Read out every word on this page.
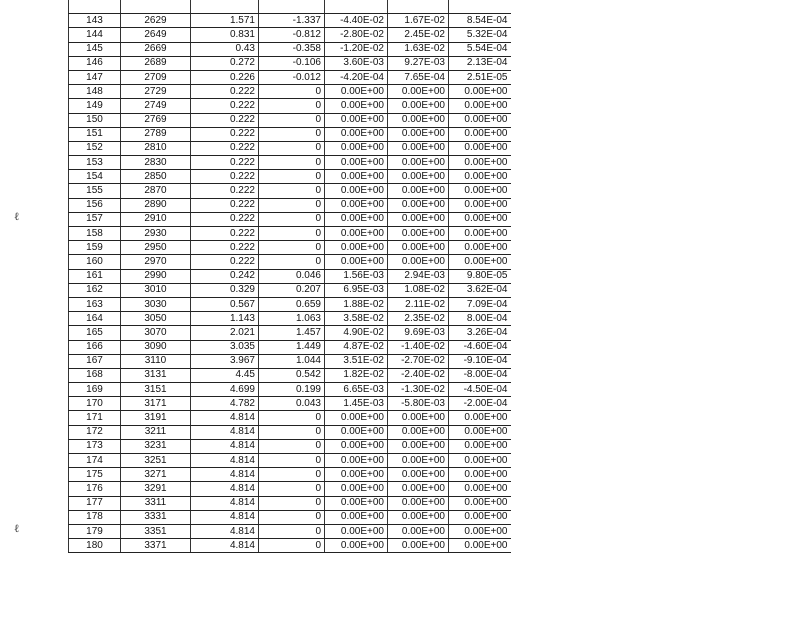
143	2629	1.571	-1.337	-4.40E-02	1.67E-02	8.54E-04
144	2649	0.831	-0.812	-2.80E-02	2.45E-02	5.32E-04
145	2669	0.43	-0.358	-1.20E-02	1.63E-02	5.54E-04
146	2689	0.272	-0.106	3.60E-03	9.27E-03	2.13E-04
147	2709	0.226	-0.012	-4.20E-04	7.65E-04	2.51E-05
148	2729	0.222	0	0.00E+00	0.00E+00	0.00E+00
149	2749	0.222	0	0.00E+00	0.00E+00	0.00E+00
150	2769	0.222	0	0.00E+00	0.00E+00	0.00E+00
151	2789	0.222	0	0.00E+00	0.00E+00	0.00E+00
152	2810	0.222	0	0.00E+00	0.00E+00	0.00E+00
153	2830	0.222	0	0.00E+00	0.00E+00	0.00E+00
154	2850	0.222	0	0.00E+00	0.00E+00	0.00E+00
155	2870	0.222	0	0.00E+00	0.00E+00	0.00E+00
156	2890	0.222	0	0.00E+00	0.00E+00	0.00E+00
157	2910	0.222	0	0.00E+00	0.00E+00	0.00E+00
158	2930	0.222	0	0.00E+00	0.00E+00	0.00E+00
159	2950	0.222	0	0.00E+00	0.00E+00	0.00E+00
160	2970	0.222	0	0.00E+00	0.00E+00	0.00E+00
161	2990	0.242	0.046	1.56E-03	2.94E-03	9.80E-05
162	3010	0.329	0.207	6.95E-03	1.08E-02	3.62E-04
163	3030	0.567	0.659	1.88E-02	2.11E-02	7.09E-04
164	3050	1.143	1.063	3.58E-02	2.35E-02	8.00E-04
165	3070	2.021	1.457	4.90E-02	9.69E-03	3.26E-04
166	3090	3.035	1.449	4.87E-02	-1.40E-02	-4.60E-04
167	3110	3.967	1.044	3.51E-02	-2.70E-02	-9.10E-04
168	3131	4.45	0.542	1.82E-02	-2.40E-02	-8.00E-04
169	3151	4.699	0.199	6.65E-03	-1.30E-02	-4.50E-04
170	3171	4.782	0.043	1.45E-03	-5.80E-03	-2.00E-04
171	3191	4.814	0	0.00E+00	0.00E+00	0.00E+00
172	3211	4.814	0	0.00E+00	0.00E+00	0.00E+00
173	3231	4.814	0	0.00E+00	0.00E+00	0.00E+00
174	3251	4.814	0	0.00E+00	0.00E+00	0.00E+00
175	3271	4.814	0	0.00E+00	0.00E+00	0.00E+00
176	3291	4.814	0	0.00E+00	0.00E+00	0.00E+00
177	3311	4.814	0	0.00E+00	0.00E+00	0.00E+00
178	3331	4.814	0	0.00E+00	0.00E+00	0.00E+00
179	3351	4.814	0	0.00E+00	0.00E+00	0.00E+00
180	3371	4.814	0	0.00E+00	0.00E+00	0.00E+00
ℓ
ℓ
